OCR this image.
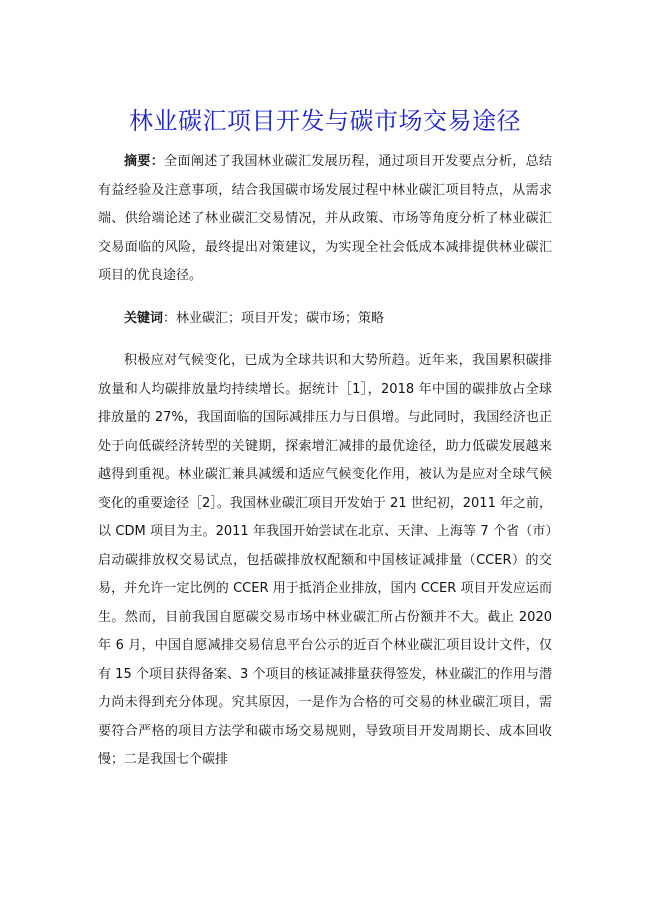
林业碳汇项目开发与碳市场交易途径

摘要：全面阐述了我国林业碳汇发展历程，通过项目开发要点分析，总结有益经验及注意事项，结合我国碳市场发展过程中林业碳汇项目特点，从需求端、供给端论述了林业碳汇交易情况，并从政策、市场等角度分析了林业碳汇交易面临的风险，最终提出对策建议，为实现全社会低成本减排提供林业碳汇项目的优良途径。

关键词：林业碳汇；项目开发；碳市场；策略

积极应对气候变化，已成为全球共识和大势所趋。近年来，我国累积碳排放量和人均碳排放量均持续增长。据统计［1］，2018 年中国的碳排放占全球排放量的 27%，我国面临的国际减排压力与日俱增。与此同时，我国经济也正处于向低碳经济转型的关键期，探索增汇减排的最优途径，助力低碳发展越来越得到重视。林业碳汇兼具减缓和适应气候变化作用，被认为是应对全球气候变化的重要途径［2］。我国林业碳汇项目开发始于 21 世纪初，2011 年之前，以 CDM 项目为主。2011 年我国开始尝试在北京、天津、上海等 7 个省（市）启动碳排放权交易试点，包括碳排放权配额和中国核证减排量（CCER）的交易，并允许一定比例的 CCER 用于抵消企业排放，国内 CCER 项目开发应运而生。然而，目前我国自愿碳交易市场中林业碳汇所占份额并不大。截止 2020 年 6 月，中国自愿减排交易信息平台公示的近百个林业碳汇项目设计文件，仅有 15 个项目获得备案、3 个项目的核证减排量获得签发，林业碳汇的作用与潜力尚未得到充分体现。究其原因，一是作为合格的可交易的林业碳汇项目，需要符合严格的项目方法学和碳市场交易规则，导致项目开发周期长、成本回收慢；二是我国七个碳排
